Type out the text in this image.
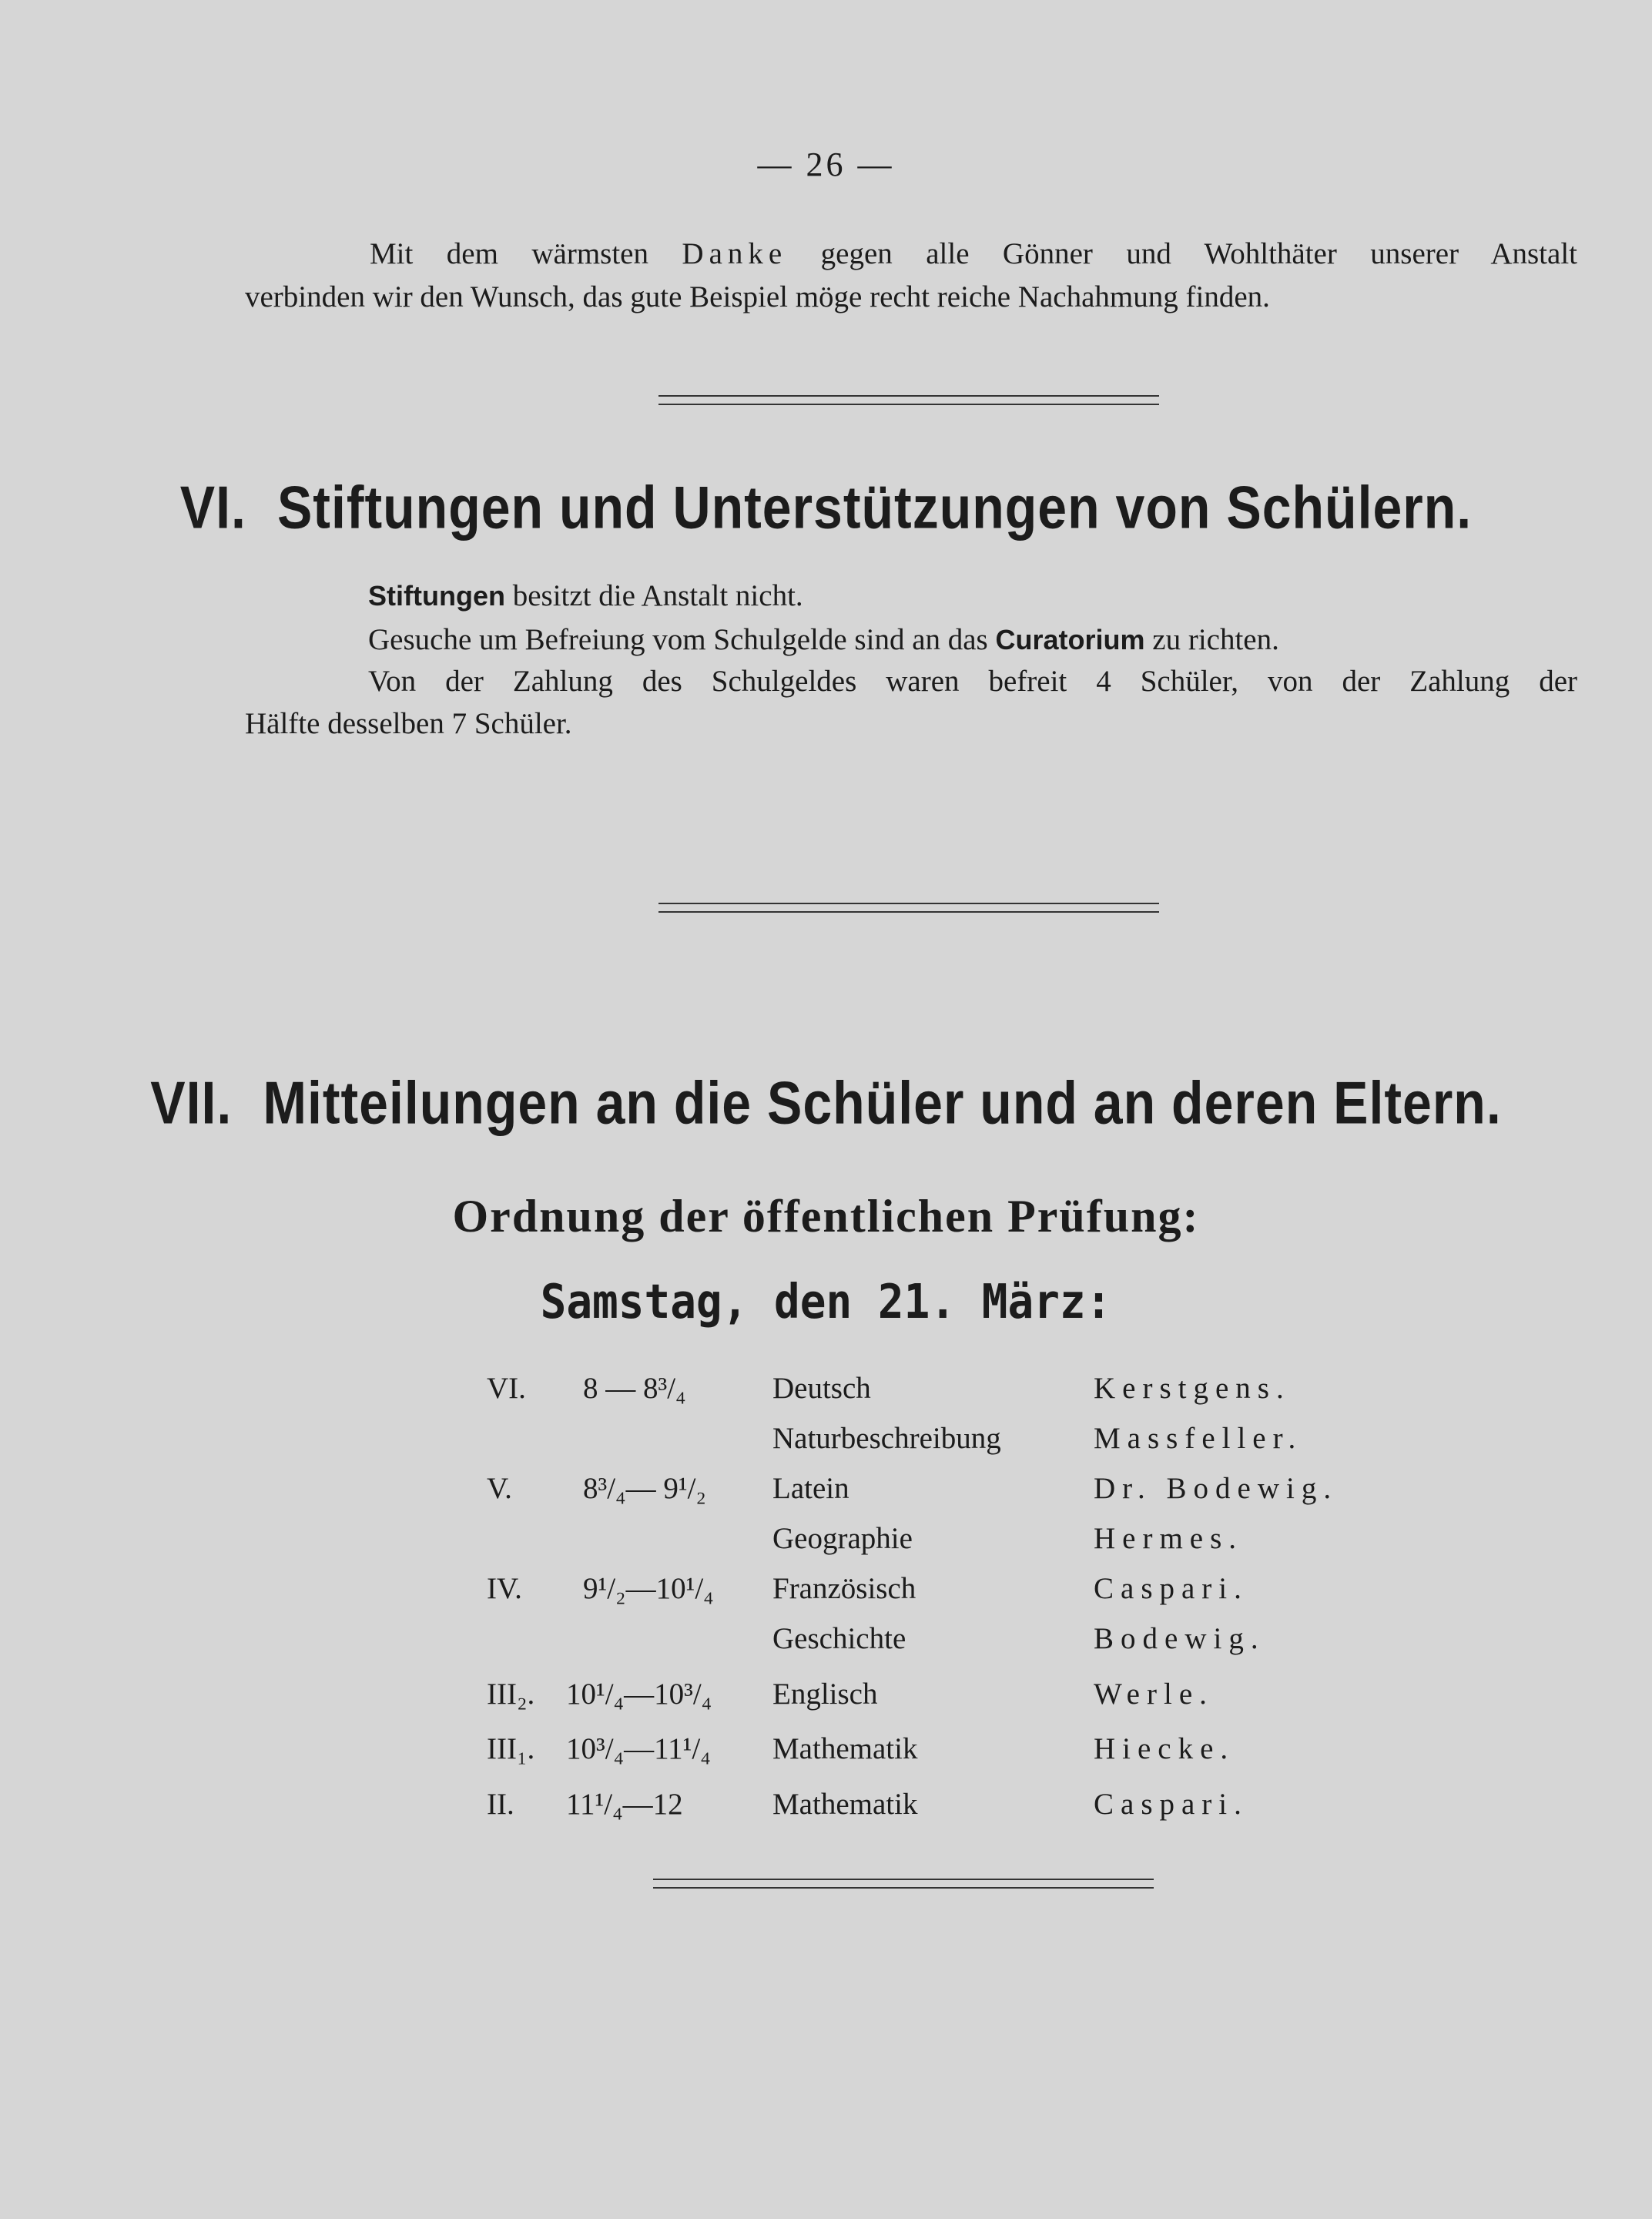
— 26 —
Mit dem wärmsten Danke gegen alle Gönner und Wohlthäter unserer Anstalt
verbinden wir den Wunsch, das gute Beispiel möge recht reiche Nachahmung finden.
VI. Stiftungen und Unterstützungen von Schülern.
Stiftungen besitzt die Anstalt nicht.
Gesuche um Befreiung vom Schulgelde sind an das Curatorium zu richten.
Von der Zahlung des Schulgeldes waren befreit 4 Schüler, von der Zahlung der
Hälfte desselben 7 Schüler.
VII. Mitteilungen an die Schüler und an deren Eltern.
Ordnung der öffentlichen Prüfung:
Samstag, den 21. März:
VI. 8 — 8³/₄	Deutsch	Kerstgens.
Naturbeschreibung	Massfeller.
V. 8³/₄— 9¹/₂ Latein	Dr. Bodewig.
Geographie	Hermes.
IV. 9¹/₂—10¹/₄ Französisch	Caspari.
Geschichte	Bodewig.
III₂. 10¹/₄—10³/₄ Englisch	Werle.
III₁. 10³/₄—11¹/₄ Mathematik	Hiecke.
II. 11¹/₄—12	Mathematik	Caspari.
